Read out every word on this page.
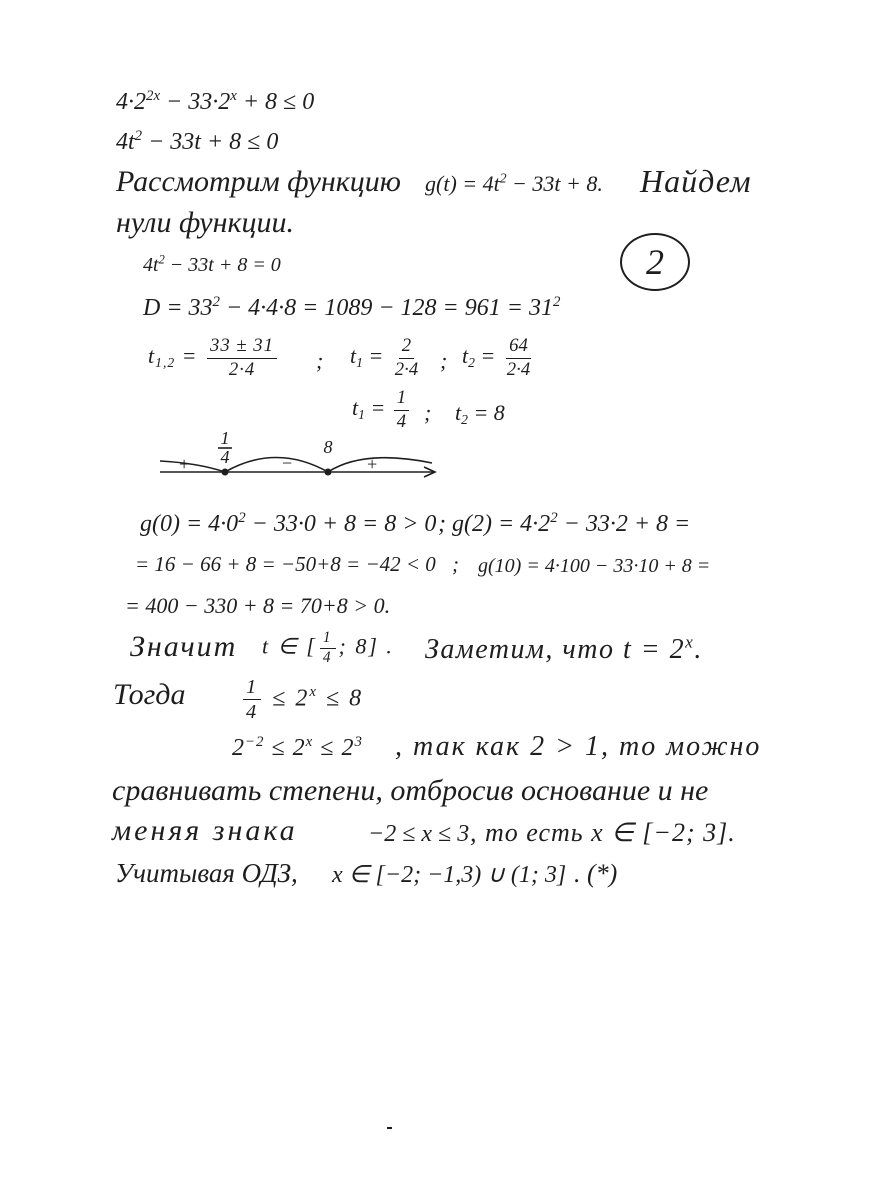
$4\cdot 2^{2x} - 33\cdot 2^x + 8 \le 0$
$4t^2 - 33t + 8 \le 0$
Рассмотрим функцию $g(t) = 4t^2 - 33t + 8$. Найдем
нули функции.
2
$4t^2 - 33t + 8 = 0$
$D = 33^2 - 4\cdot 4\cdot 8 = 1089 - 128 = 961 = 31^2$
$t_{1,2} = \frac{33 \pm 31}{2\cdot 4}$ ; $t_1 = \frac{2}{2\cdot 4}$ ; $t_2 = \frac{64}{2\cdot 4}$
$t_1 = \frac{1}{4}$ ; $t_2 = 8$
1
4	8
+	−	+
$g(0) = 4\cdot 0^2 - 33\cdot 0 + 8 = 8 > 0$ ; $g(2) = 4\cdot 2^2 - 33\cdot 2 + 8$ =
= 16 − 66 + 8 = −50+8 = −42 < 0 ; g(10) = 4·100 − 33·10 + 8 =
= 400 − 330 + 8 = 70+8 > 0.
Значит t ∈ [ $\frac{1}{4}$ ; 8] . Заметим, что $t = 2^x$.
Тогда	$\frac{1}{4} \le 2^x \le 8$
$2^{-2} \le 2^x \le 2^3$ , так как 2 > 1, то можно
сравнивать степени, отбросив основание и не
меняя знака	−2 ≤ x ≤ 3 , то есть x ∈ [−2; 3].
Учитывая ОДЗ, x ∈ [−2; −1,3) ∪ (1; 3] . (*)
